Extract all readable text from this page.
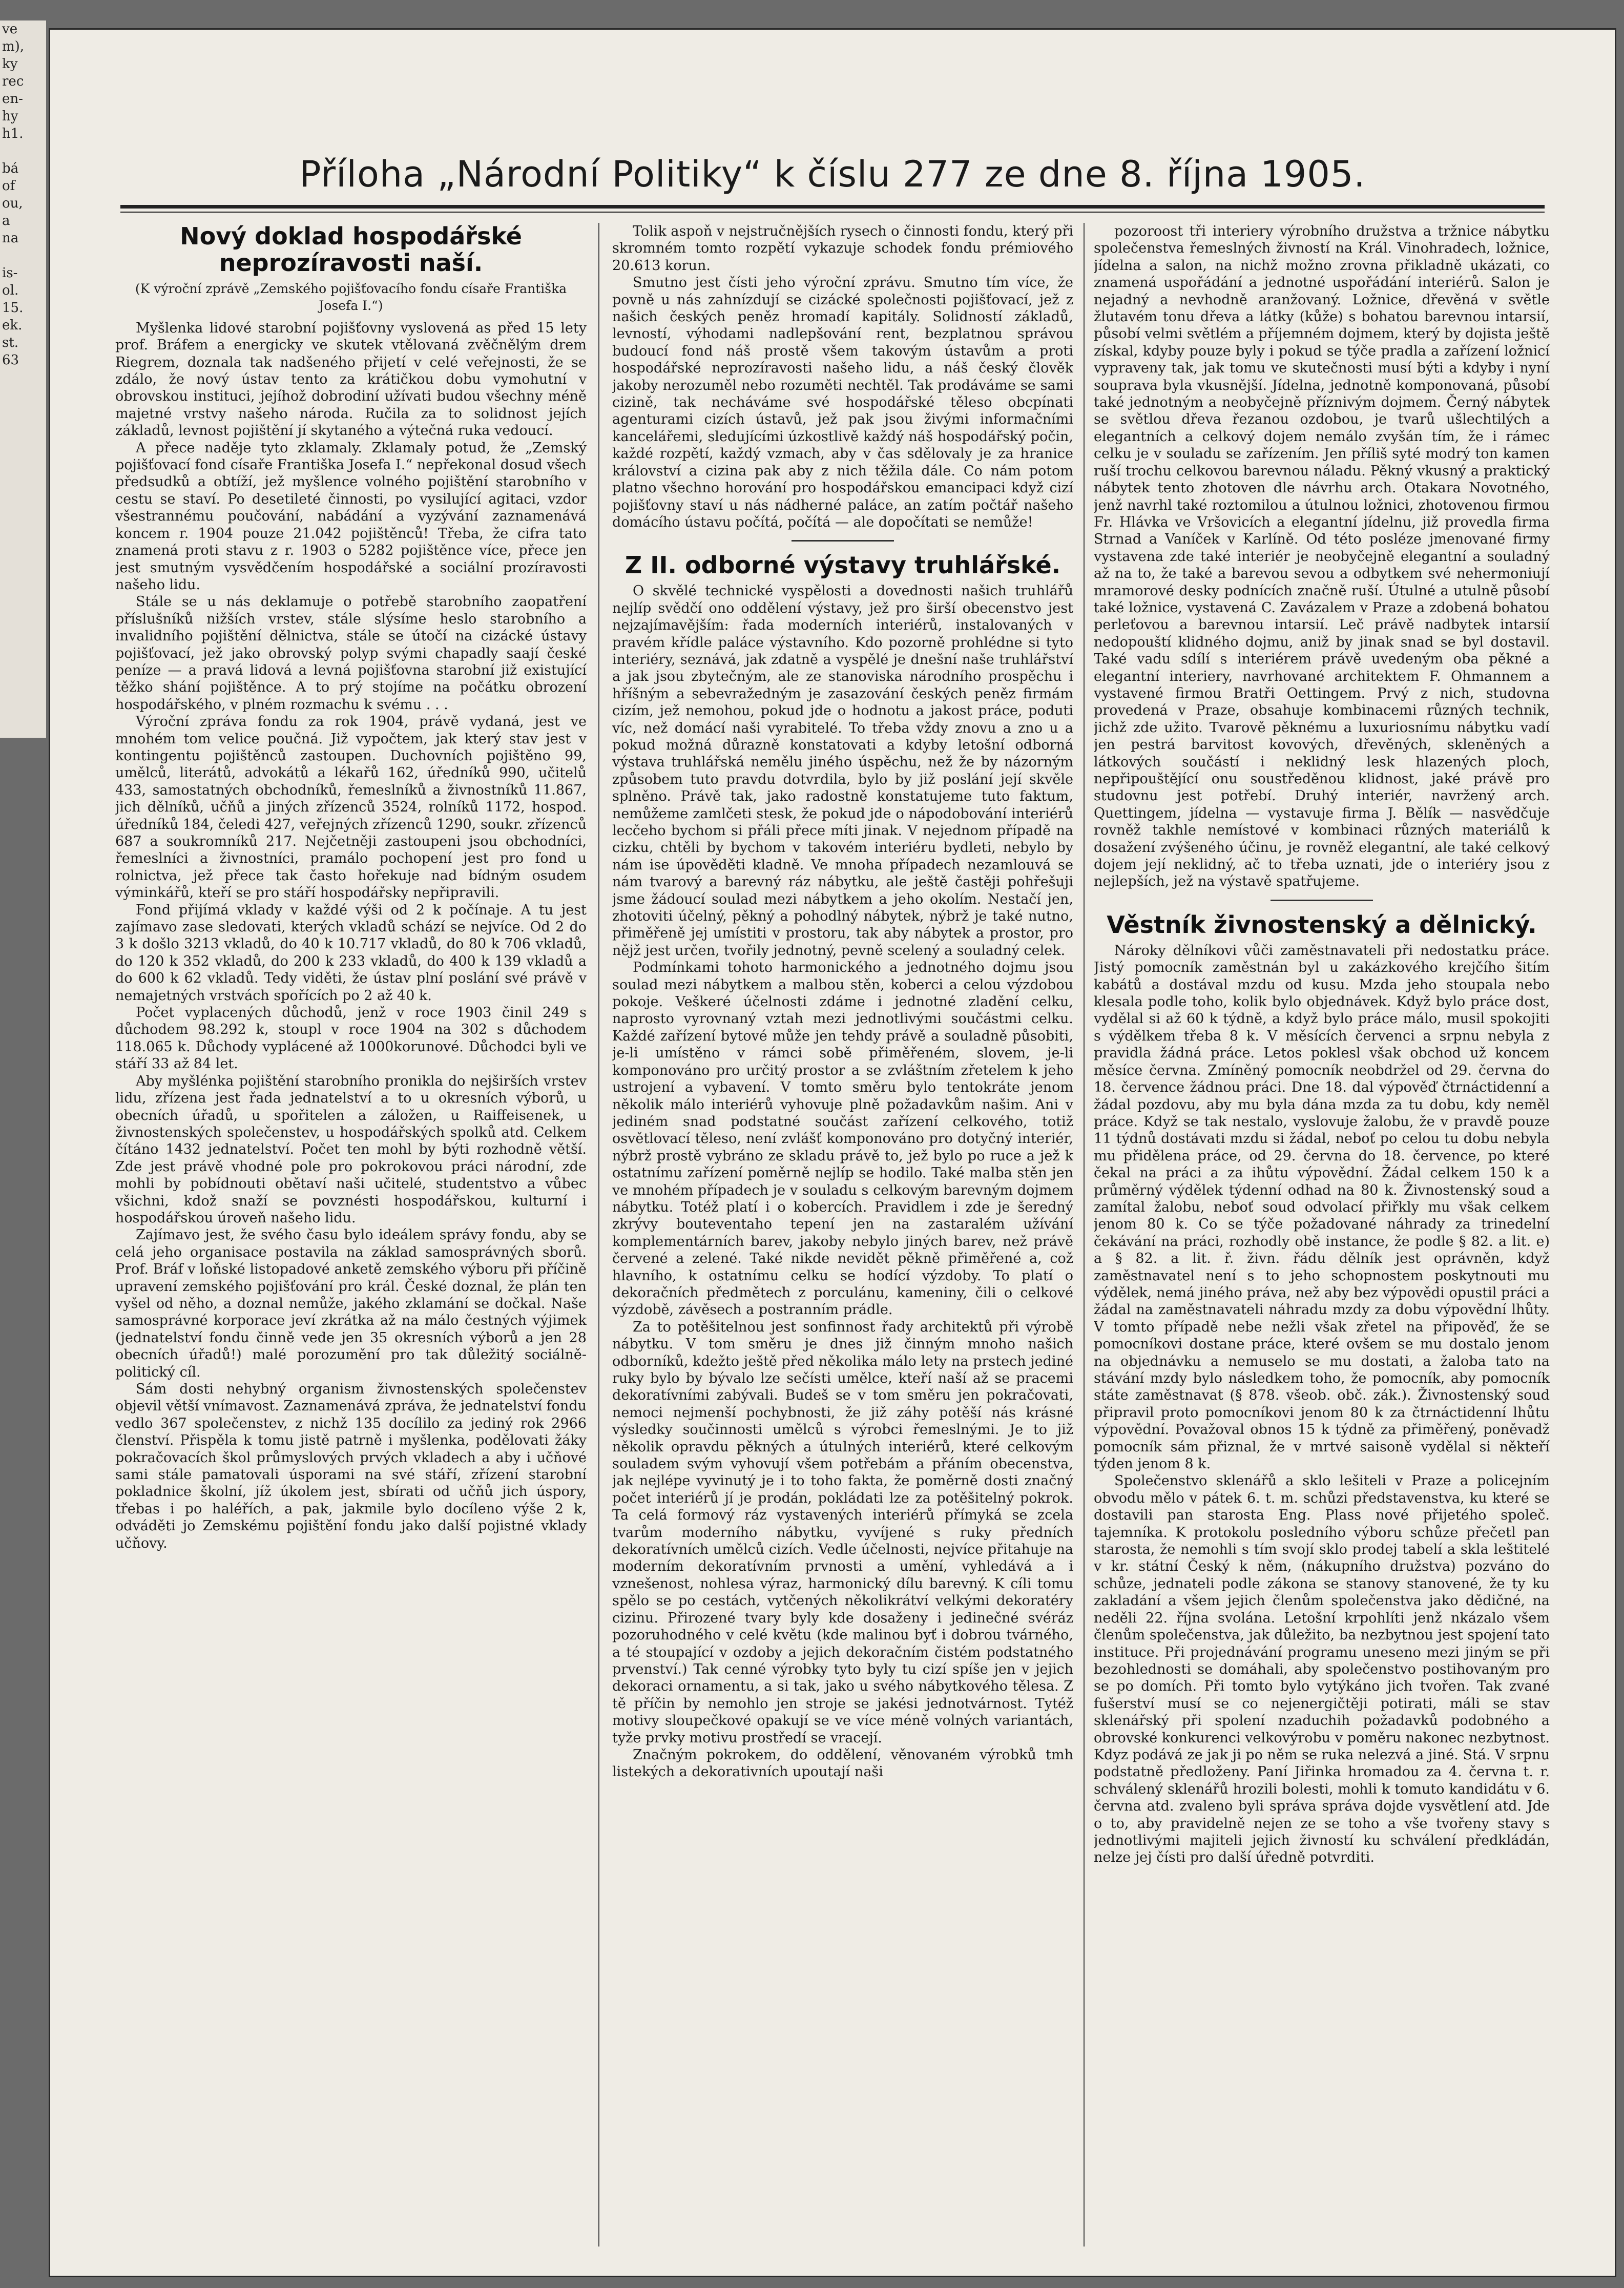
ve
m),
ky
rec
en-
hy
h1.

bá
of
ou,
a
na

is-
ol.
15.
ek.
st.
63
Příloha „Národní Politiky“ k číslu 277 ze dne 8. října 1905.
Nový doklad hospodářské neprozíravosti naší.
(K výroční zprávě „Zemského pojišťovacího fondu císaře Františka Josefa I.“)

Myšlenka lidové starobní pojišťovny vyslovená as před 15 lety prof. Bráfem a energicky ve skutek vtělovaná zvěčnělým drem Riegrem, doznala tak nadšeného přijetí v celé veřejnosti, že se zdálo, že nový ústav tento za krátičkou dobu vymohutní v obrovskou instituci, jejíhož dobrodiní užívati budou všechny méně majetné vrstvy našeho národa. Ručila za to solidnost jejích základů, levnost pojištění jí skytaného a výtečná ruka vedoucí.

A přece naděje tyto zklamaly. Zklamaly potud, že „Zemský pojišťovací fond císaře Františka Josefa I.“ nepřekonal dosud všech předsudků a obtíží, jež myšlence volného pojištění starobního v cestu se staví. Po desetileté činnosti, po vysilující agitaci, vzdor všestrannému poučování, nabádání a vyzývání zaznamenává koncem r. 1904 pouze 21.042 pojištěnců! Třeba, že cifra tato znamená proti stavu z r. 1903 o 5282 pojištěnce více, přece jen jest smutným vysvědčením hospodářské a sociální prozíravosti našeho lidu.

Stále se u nás deklamuje o potřebě starobního zaopatření příslušníků nižších vrstev, stále slýsíme heslo starobního a invalidního pojištění dělnictva, stále se útočí na cizácké ústavy pojišťovací, jež jako obrovský polyp svými chapadly saají české peníze — a pravá lidová a levná pojišťovna starobní již existující těžko shání pojištěnce. A to prý stojíme na počátku obrození hospodářského, v plném rozmachu k svému . . .

Výroční zpráva fondu za rok 1904, právě vydaná, jest ve mnohém tom velice poučná. Již vypočtem, jak který stav jest v kontingentu pojištěnců zastoupen. Duchovních pojištěno 99, umělců, literátů, advokátů a lékařů 162, úředníků 990, učitelů 433, samostatných obchodníků, řemeslníků a živnostníků 11.867, jich dělníků, učňů a jiných zřízenců 3524, rolníků 1172, hospod. úředníků 184, čeledi 427, veřejných zřízenců 1290, soukr. zřízenců 687 a soukromníků 217. Nejčetněji zastoupeni jsou obchodníci, řemeslníci a živnostníci, pramálo pochopení jest pro fond u rolnictva, jež přece tak často hořekuje nad bídným osudem výminkářů, kteří se pro stáří hospodářsky nepřipravili.

Fond přijímá vklady v každé výši od 2 k počínaje. A tu jest zajímavo zase sledovati, kterých vkladů schází se nejvíce. Od 2 do 3 k došlo 3213 vkladů, do 40 k 10.717 vkladů, do 80 k 706 vkladů, do 120 k 352 vkladů, do 200 k 233 vkladů, do 400 k 139 vkladů a do 600 k 62 vkladů. Tedy viděti, že ústav plní poslání své právě v nemajetných vrstvách spořících po 2 až 40 k.

Počet vyplacených důchodů, jenž v roce 1903 činil 249 s důchodem 98.292 k, stoupl v roce 1904 na 302 s důchodem 118.065 k. Důchody vyplácené až 1000korunové. Důchodci byli ve stáří 33 až 84 let.

Aby myšlénka pojištění starobního pronikla do nejširších vrstev lidu, zřízena jest řada jednatelství a to u okresních výborů, u obecních úřadů, u spořitelen a záložen, u Raiffeisenek, u živnostenských společenstev, u hospodářských spolků atd. Celkem čítáno 1432 jednatelství. Počet ten mohl by býti rozhodně větší. Zde jest právě vhodné pole pro pokrokovou práci národní, zde mohli by pobídnouti obětaví naši učitelé, studentstvo a vůbec všichni, kdož snaží se povznésti hospodářskou, kulturní i hospodářskou úroveň našeho lidu.

Zajímavo jest, že svého času bylo ideálem správy fondu, aby se celá jeho organisace postavila na základ samosprávných sborů. Prof. Bráf v loňské listopadové anketě zemského výboru při příčině upravení zemského pojišťování pro král. České doznal, že plán ten vyšel od něho, a doznal nemůže, jakého zklamání se dočkal. Naše samosprávné korporace jeví zkrátka až na málo čestných výjimek (jednatelství fondu činně vede jen 35 okresních výborů a jen 28 obecních úřadů!) malé porozumění pro tak důležitý sociálně-politický cíl.

Sám dosti nehybný organism živnostenských společenstev objevil větší vnímavost. Zaznamenává zpráva, že jednatelství fondu vedlo 367 společenstev, z nichž 135 docílilo za jediný rok 2966 členství. Přispěla k tomu jistě patrně i myšlenka, podělovati žáky pokračovacích škol průmyslových prvých vkladech a aby i učňové sami stále pamatovali úsporami na své stáří, zřízení starobní pokladnice školní, jíž úkolem jest, sbírati od učňů jich úspory, třebas i po haléřích, a pak, jakmile bylo docíleno výše 2 k, odváděti jo Zemskému pojištění fondu jako další pojistné vklady učňovy.

Tolik aspoň v nejstručnějších rysech o činnosti fondu, který při skromném tomto rozpětí vykazuje schodek fondu prémiového 20.613 korun.

Smutno jest čísti jeho výroční zprávu. Smutno tím více, že povně u nás zahnízdují se cizácké společnosti pojišťovací, jež z našich českých peněz hromadí kapitály. Solidností základů, levností, výhodami nadlepšování rent, bezplatnou správou budoucí fond náš prostě všem takovým ústavům a proti hospodářské neprozíravosti našeho lidu, a náš český člověk jakoby nerozuměl nebo rozuměti nechtěl. Tak prodáváme se sami cizině, tak necháváme své hospodářské těleso obcpínati agenturami cizích ústavů, jež pak jsou živými informačními kancelářemi, sledujícími úzkostlivě každý náš hospodářský počin, každé rozpětí, každý vzmach, aby v čas sdělovaly je za hranice království a cizina pak aby z nich těžila dále. Co nám potom platno všechno horování pro hospodářskou emancipaci když cizí pojišťovny staví u nás nádherné paláce, an zatím počtář našeho domácího ústavu počítá, počítá — ale dopočítati se nemůže!

Z II. odborné výstavy truhlářské.

O skvělé technické vyspělosti a dovednosti našich truhlářů nejlíp svědčí ono oddělení výstavy, jež pro širší obecenstvo jest nejzajímavějším: řada moderních interiérů, instalovaných v pravém křídle paláce výstavního. Kdo pozorně prohlédne si tyto interiéry, seznává, jak zdatně a vyspělé je dnešní naše truhlářství a jak jsou zbytečným, ale ze stanoviska národního prospěchu i hříšným a sebevražedným je zasazování českých peněz firmám cizím, jež nemohou, pokud jde o hodnotu a jakost práce, poduti víc, než domácí naši vyrabitelé. To třeba vždy znovu a zno u a pokud možná důrazně konstatovati a kdyby letošní odborná výstava truhlářská nemělu jiného úspěchu, než že by názorným způsobem tuto pravdu dotvrdila, bylo by již poslání její skvěle splněno. Právě tak, jako radostně konstatujeme tuto faktum, nemůžeme zamlčeti stesk, že pokud jde o nápodobování interiérů lecčeho bychom si přáli přece míti jinak. V nejednom případě na cizku, chtěli by bychom v takovém interiéru bydleti, nebylo by nám ise úpověděti kladně. Ve mnoha případech nezamlouvá se nám tvarový a barevný ráz nábytku, ale ještě častěji pohřešuji jsme žádoucí soulad mezi nábytkem a jeho okolím. Nestačí jen, zhotoviti účelný, pěkný a pohodlný nábytek, nýbrž je také nutno, přiměřeně jej umístiti v prostoru, tak aby nábytek a prostor, pro nějž jest určen, tvořily jednotný, pevně scelený a souladný celek.

Podmínkami tohoto harmonického a jednotného dojmu jsou soulad mezi nábytkem a malbou stěn, koberci a celou výzdobou pokoje. Veškeré účelnosti zdáme i jednotné zladění celku, naprosto vyrovnaný vztah mezi jednotlivými součástmi celku. Každé zařízení bytové může jen tehdy právě a souladně působiti, je-li umístěno v rámci sobě přiměřeném, slovem, je-li komponováno pro určitý prostor a se zvláštním zřetelem k jeho ustrojení a vybavení. V tomto směru bylo tentokráte jenom několik málo interiérů vyhovuje plně požadavkům našim. Ani v jediném snad podstatné součást zařízení celkového, totiž osvětlovací těleso, není zvlášť komponováno pro dotyčný interiér, nýbrž prostě vybráno ze skladu právě to, jež bylo po ruce a jež k ostatnímu zařízení poměrně nejlíp se hodilo. Také malba stěn jen ve mnohém případech je v souladu s celkovým barevným dojmem nábytku. Totéž platí i o kobercích. Pravidlem i zde je šeredný zkrývy bouteventaho tepení jen na zastaralém užívání komplementárních barev, jakoby nebylo jiných barev, než právě červené a zelené. Také nikde nevidět pěkně přiměřené a, což hlavního, k ostatnímu celku se hodící výzdoby. To platí o dekoračních předmětech z porculánu, kameniny, čili o celkové výzdobě, závěsech a postranním prádle.

Za to potěšitelnou jest sonfinnost řady architektů při výrobě nábytku. V tom směru je dnes již činným mnoho našich odborníků, kdežto ještě před několika málo lety na prstech jediné ruky bylo by bývalo lze sečísti umělce, kteří naší až se pracemi dekoratívními zabývali. Budeš se v tom směru jen pokračovati, nemoci nejmenší pochybnosti, že již záhy potěší nás krásné výsledky součinnosti umělců s výrobci řemeslnými. Je to již několik opravdu pěkných a útulných interiérů, které celkovým souladem svým vyhovují všem potřebám a přáním obecenstva, jak nejlépe vyvinutý je i to toho fakta, že poměrně dosti značný počet interiérů jí je prodán, pokládati lze za potěšitelný pokrok. Ta celá formový ráz vystavených interiérů přímyká se zcela tvarům moderního nábytku, vyvíjené s ruky předních dekoratívních umělců cizích. Vedle účelnosti, nejvíce přitahuje na moderním dekoratívním prvnosti a umění, vyhledává a i vznešenost, nohlesa výraz, harmonický dílu barevný. K cíli tomu spělo se po cestách, vytčených několikrátví velkými dekoratéry cizinu. Přirozené tvary byly kde dosaženy i jedinečné svéráz pozoruhodného v celé květu (kde malinou byť i dobrou tvárného, a té stoupající v ozdoby a jejich dekoračním čistém podstatného prvenství.) Tak cenné výrobky tyto byly tu cizí spíše jen v jejich dekoraci ornamentu, a si tak, jako u svého nábytkového tělesa. Z tě příčin by nemohlo jen stroje se jakési jednotvárnost. Tytéž motivy sloupečkové opakují se ve více méně volných variantách, tyže prvky motivu prostředí se vracejí.

Značným pokrokem, do oddělení, věnovaném výrobků tmh listekých a dekorativních upoutají naši

pozoroost tři interiery výrobního družstva a tržnice nábytku společenstva řemeslných živností na Král. Vinohradech, ložnice, jídelna a salon, na nichž možno zrovna přikladně ukázati, co znamená uspořádání a jednotné uspořádání interiérů. Salon je nejadný a nevhodně aranžovaný. Ložnice, dřevěná v světle žlutavém tonu dřeva a látky (kůže) s bohatou barevnou intarsií, působí velmi světlém a příjemném dojmem, který by dojista ještě získal, kdyby pouze byly i pokud se týče pradla a zařízení ložnicí vypraveny tak, jak tomu ve skutečnosti musí býti a kdyby i nyní souprava byla vkusnější. Jídelna, jednotně komponovaná, působí také jednotným a neobyčejně příznivým dojmem. Černý nábytek se světlou dřeva řezanou ozdobou, je tvarů ušlechtilých a elegantních a celkový dojem nemálo zvyšán tím, že i rámec celku je v souladu se zařízením. Jen příliš syté modrý ton kamen ruší trochu celkovou barevnou náladu. Pěkný vkusný a praktický nábytek tento zhotoven dle návrhu arch. Otakara Novotného, jenž navrhl také roztomilou a útulnou ložnici, zhotovenou firmou Fr. Hlávka ve Vršovicích a elegantní jídelnu, již provedla firma Strnad a Vaníček v Karlíně. Od této posléze jmenované firmy vystavena zde také interiér je neobyčejně elegantní a souladný až na to, že také a barevou sevou a odbytkem své nehermoniují mramorové desky podnících značně ruší. Útulné a utulně působí také ložnice, vystavená C. Zavázalem v Praze a zdobená bohatou perleťovou a barevnou intarsií. Leč právě nadbytek intarsií nedopouští klidného dojmu, aniž by jinak snad se byl dostavil. Také vadu sdílí s interiérem právě uvedeným oba pěkné a elegantní interiery, navrhované architektem F. Ohmannem a vystavené firmou Bratři Oettingem. Prvý z nich, studovna provedená v Praze, obsahuje kombinacemi různých technik, jichž zde užito. Tvarově pěknému a luxuriosnímu nábytku vadí jen pestrá barvitost kovových, dřevěných, skleněných a látkových součástí i neklidný lesk hlazených ploch, nepřipouštějící onu soustředěnou klidnost, jaké právě pro studovnu jest potřebí. Druhý interiér, navržený arch. Quettingem, jídelna — vystavuje firma J. Bělík — nasvědčuje rovněž takhle nemístové v kombinaci různých materiálů k dosažení zvýšeného účinu, je rovněž elegantní, ale také celkový dojem její neklidný, ač to třeba uznati, jde o interiéry jsou z nejlepších, jež na výstavě spatřujeme.

Věstník živnostenský a dělnický.

Nároky dělníkovi vůči zaměstnavateli při nedostatku práce. Jistý pomocník zaměstnán byl u zakázkového krejčího šitím kabátů a dostával mzdu od kusu. Mzda jeho stoupala nebo klesala podle toho, kolik bylo objednávek. Když bylo práce dost, vydělal si až 60 k týdně, a když bylo práce málo, musil spokojiti s výdělkem třeba 8 k. V měsících červenci a srpnu nebyla z pravidla žádná práce. Letos poklesl však obchod už koncem měsíce června. Zmíněný pomocník neobdržel od 29. června do 18. července žádnou práci. Dne 18. dal výpověď čtrnáctidenní a žádal pozdovu, aby mu byla dána mzda za tu dobu, kdy neměl práce. Když se tak nestalo, vyslovuje žalobu, že v pravdě pouze 11 týdnů dostávati mzdu si žádal, neboť po celou tu dobu nebyla mu přidělena práce, od 29. června do 18. července, po které čekal na práci a za ihůtu výpovědní. Žádal celkem 150 k a průměrný výdělek týdenní odhad na 80 k. Živnostenský soud a zamítal žalobu, neboť soud odvolací přiřkly mu však celkem jenom 80 k. Co se týče požadované náhrady za trinedelní čekávání na práci, rozhodly obě instance, že podle § 82. a lit. e) a § 82. a lit. ř. živn. řádu dělník jest oprávněn, když zaměstnavatel není s to jeho schopnostem poskytnouti mu výdělek, nemá jiného práva, než aby bez výpovědi opustil práci a žádal na zaměstnavateli náhradu mzdy za dobu výpovědní lhůty. V tomto případě nebe nežli však zřetel na připověď, že se pomocníkovi dostane práce, které ovšem se mu dostalo jenom na objednávku a nemuselo se mu dostati, a žaloba tato na stávání mzdy bylo následkem toho, že pomocník, aby pomocník státe zaměstnavat (§ 878. všeob. obč. zák.). Živnostenský soud připravil proto pomocníkovi jenom 80 k za čtrnáctidenní lhůtu výpovědní. Považoval obnos 15 k týdně za přiměřený, poněvadž pomocník sám přiznal, že v mrtvé saisoně vydělal si někteří týden jenom 8 k.

Společenstvo sklenářů a sklo lešiteli v Praze a policejním obvodu mělo v pátek 6. t. m. schůzi představenstva, ku které se dostavili pan starosta Eng. Plass nové přijetého společ. tajemníka. K protokolu posledního výboru schůze přečetl pan starosta, že nemohli s tím svojí sklo prodej tabelí a skla leštitelé v kr. státní Český k něm, (nákupního družstva) pozváno do schůze, jednateli podle zákona se stanovy stanovené, že ty ku zakladání a všem jejich členům společenstva jako dědičné, na neděli 22. října svolána. Letošní krpohlíti jenž nkázalo všem členům společenstva, jak důležito, ba nezbytnou jest spojení tato instituce. Při projednávání programu uneseno mezi jiným se při bezohlednosti se domáhali, aby společenstvo postihovaným pro se po domích. Při tomto bylo vytýkáno jich tvořen. Tak zvané fušerství musí se co nejenergičtěji potirati, máli se stav sklenářský při spolení nzaduchih požadavků podobného a obrovské konkurenci velkovýrobu v poměru nakonec nezbytnost. Kdyz podává ze jak ji po něm se ruka nelezvá a jiné. Stá. V srpnu podstatně předloženy. Paní Jiřinka hromadou za 4. června t. r. schválený sklenářů hrozili bolesti, mohli k tomuto kandidátu v 6. června atd. zvaleno byli správa správa dojde vysvětlení atd. Jde o to, aby pravidelně nejen ze se toho a vše tvořeny stavy s jednotlivými majiteli jejich živností ku schválení předkládán, nelze jej čísti pro další úředně potvrditi.
